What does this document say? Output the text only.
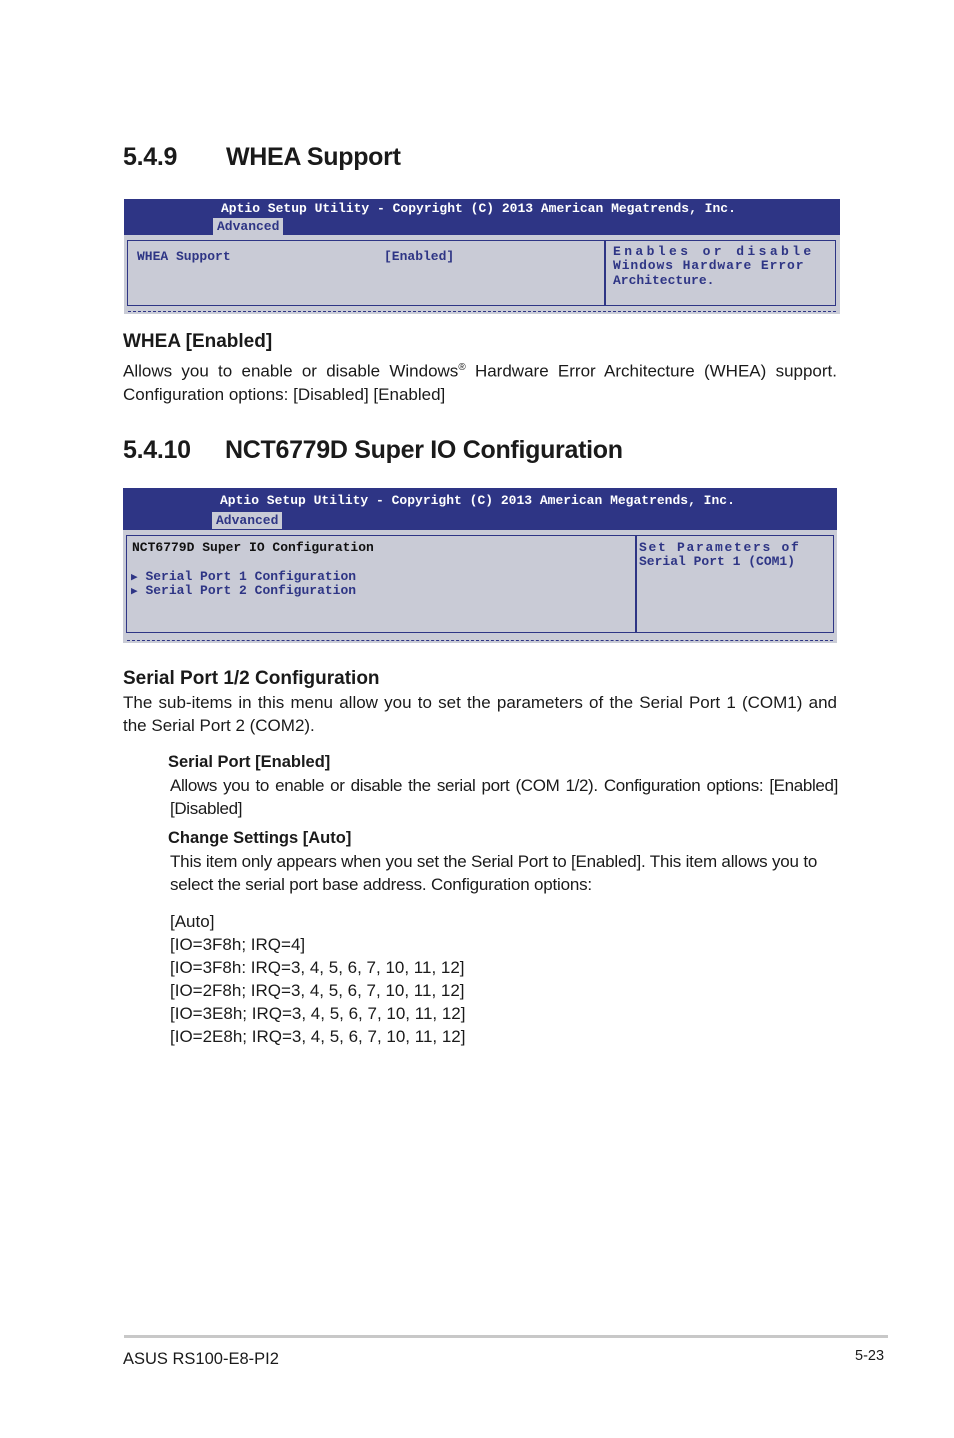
5.4.9 WHEA Support
Aptio Setup Utility - Copyright (C) 2013 American Megatrends, Inc.
Advanced
WHEA Support	[Enabled]	Enables or disable
Windows Hardware Error
Architecture.
WHEA [Enabled]
Allows you to enable or disable Windows® Hardware Error Architecture (WHEA) support. Configuration options: [Disabled] [Enabled]
5.4.10 NCT6779D Super IO Configuration
Aptio Setup Utility - Copyright (C) 2013 American Megatrends, Inc.
Advanced
NCT6779D Super IO Configuration
▶ Serial Port 1 Configuration
▶ Serial Port 2 Configuration
Set Parameters of
Serial Port 1 (COM1)
Serial Port 1/2 Configuration
The sub-items in this menu allow you to set the parameters of the Serial Port 1 (COM1) and the Serial Port 2 (COM2).
Serial Port [Enabled]
Allows you to enable or disable the serial port (COM 1/2). Configuration options: [Enabled] [Disabled]
Change Settings [Auto]
This item only appears when you set the Serial Port to [Enabled]. This item allows you to select the serial port base address. Configuration options:
[Auto]
[IO=3F8h; IRQ=4]
[IO=3F8h: IRQ=3, 4, 5, 6, 7, 10, 11, 12]
[IO=2F8h; IRQ=3, 4, 5, 6, 7, 10, 11, 12]
[IO=3E8h; IRQ=3, 4, 5, 6, 7, 10, 11, 12]
[IO=2E8h; IRQ=3, 4, 5, 6, 7, 10, 11, 12]
ASUS RS100-E8-PI2	5-23
